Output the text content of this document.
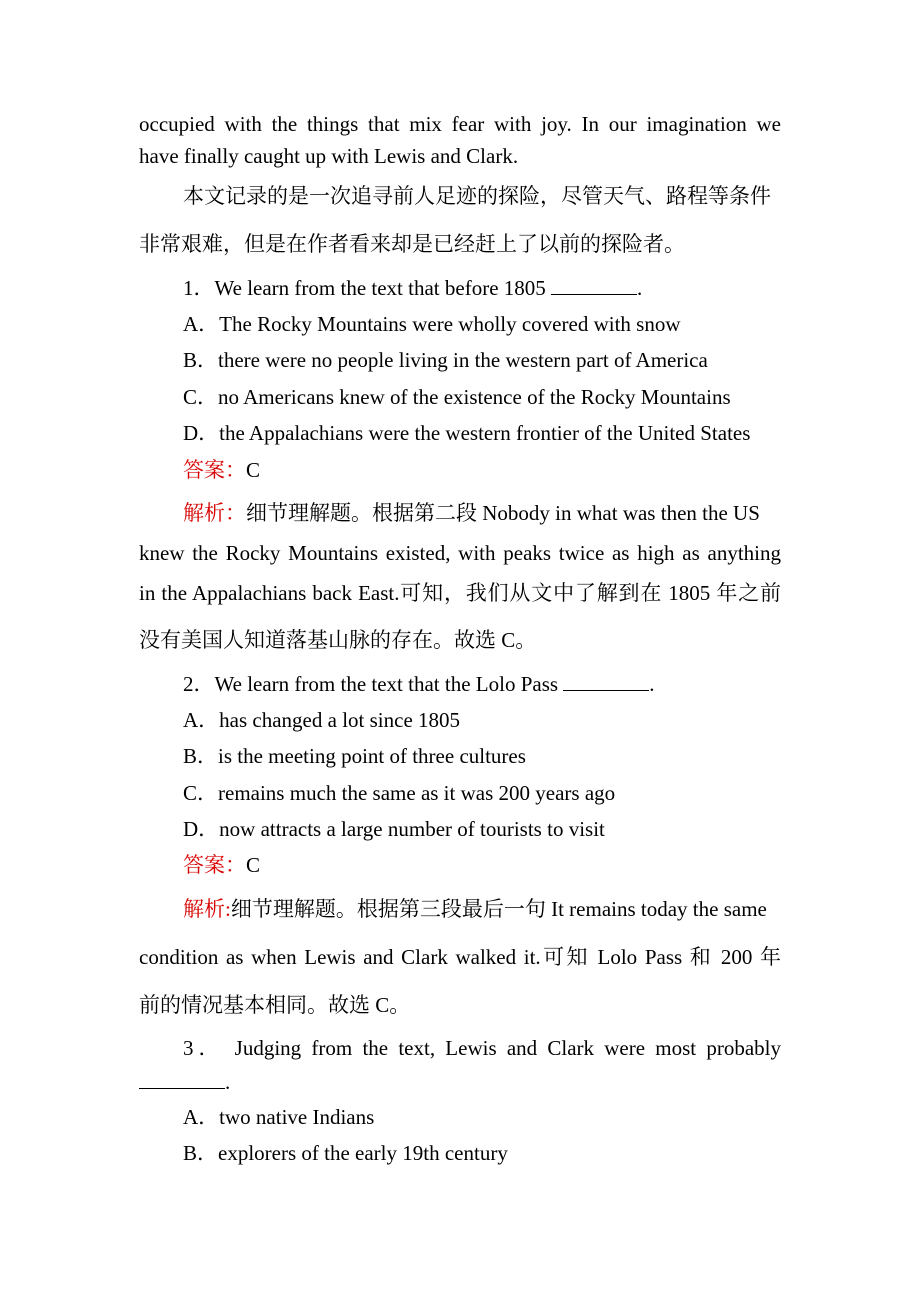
occupied with the things that mix fear with joy. In our imagination we
have finally caught up with Lewis and Clark.
本文记录的是一次追寻前人足迹的探险，尽管天气、路程等条件
非常艰难，但是在作者看来却是已经赶上了以前的探险者。
1．We learn from the text that before 1805	.
A．The Rocky Mountains were wholly covered with snow
B．there were no people living in the western part of America
C．no Americans knew of the existence of the Rocky Mountains
D．the Appalachians were the western frontier of the United States
答案：C
解析：细节理解题。根据第二段 Nobody in what was then the US
knew the Rocky Mountains existed, with peaks twice as high as anything
in the Appalachians back East.可知，我们从文中了解到在 1805 年之前
没有美国人知道落基山脉的存在。故选 C。
2．We learn from the text that the Lolo Pass	.
A．has changed a lot since 1805
B．is the meeting point of three cultures
C．remains much the same as it was 200 years ago
D．now attracts a large number of tourists to visit
答案：C
解析:细节理解题。根据第三段最后一句 It remains today the same
condition as when Lewis and Clark walked it.可知 Lolo Pass 和 200 年
前的情况基本相同。故选 C。
3． Judging from the text, Lewis and Clark were most probably
.
A．two native Indians
B．explorers of the early 19th century
